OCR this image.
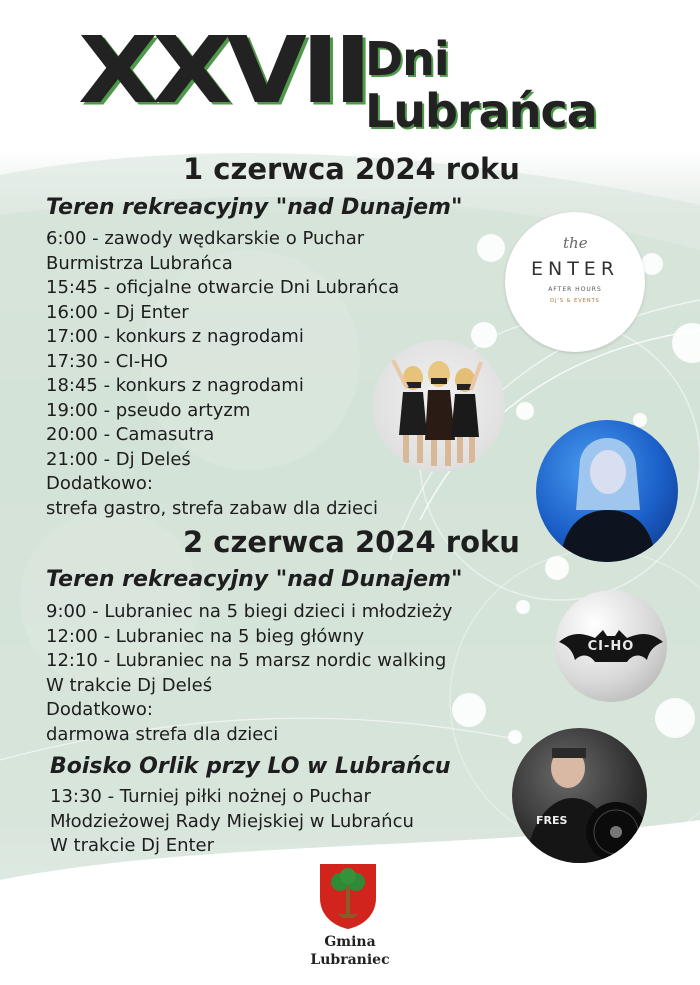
XXVII
Dni
Lubrańca
1 czerwca 2024 roku
Teren rekreacyjny "nad Dunajem"
6:00 - zawody wędkarskie o Puchar
Burmistrza Lubrańca
15:45 - oficjalne otwarcie Dni Lubrańca
16:00 - Dj Enter
17:00 - konkurs z nagrodami
17:30 - CI-HO
18:45 - konkurs z nagrodami
19:00 - pseudo artyzm
20:00 - Camasutra
21:00 - Dj Deleś
Dodatkowo:
strefa gastro, strefa zabaw dla dzieci
2 czerwca 2024 roku
Teren rekreacyjny "nad Dunajem"
9:00 - Lubraniec na 5 biegi dzieci i młodzieży
12:00 - Lubraniec na 5 bieg główny
12:10 - Lubraniec na 5 marsz nordic walking
W trakcie Dj Deleś
Dodatkowo:
darmowa strefa dla dzieci
Boisko Orlik przy LO w Lubrańcu
13:30 - Turniej piłki nożnej o Puchar
Młodzieżowej Rady Miejskiej w Lubrańcu
W trakcie Dj Enter
the
ENTER
AFTER HOURS
DJ'S & EVENTS
CI-HO
FRES
Gmina
Lubraniec
